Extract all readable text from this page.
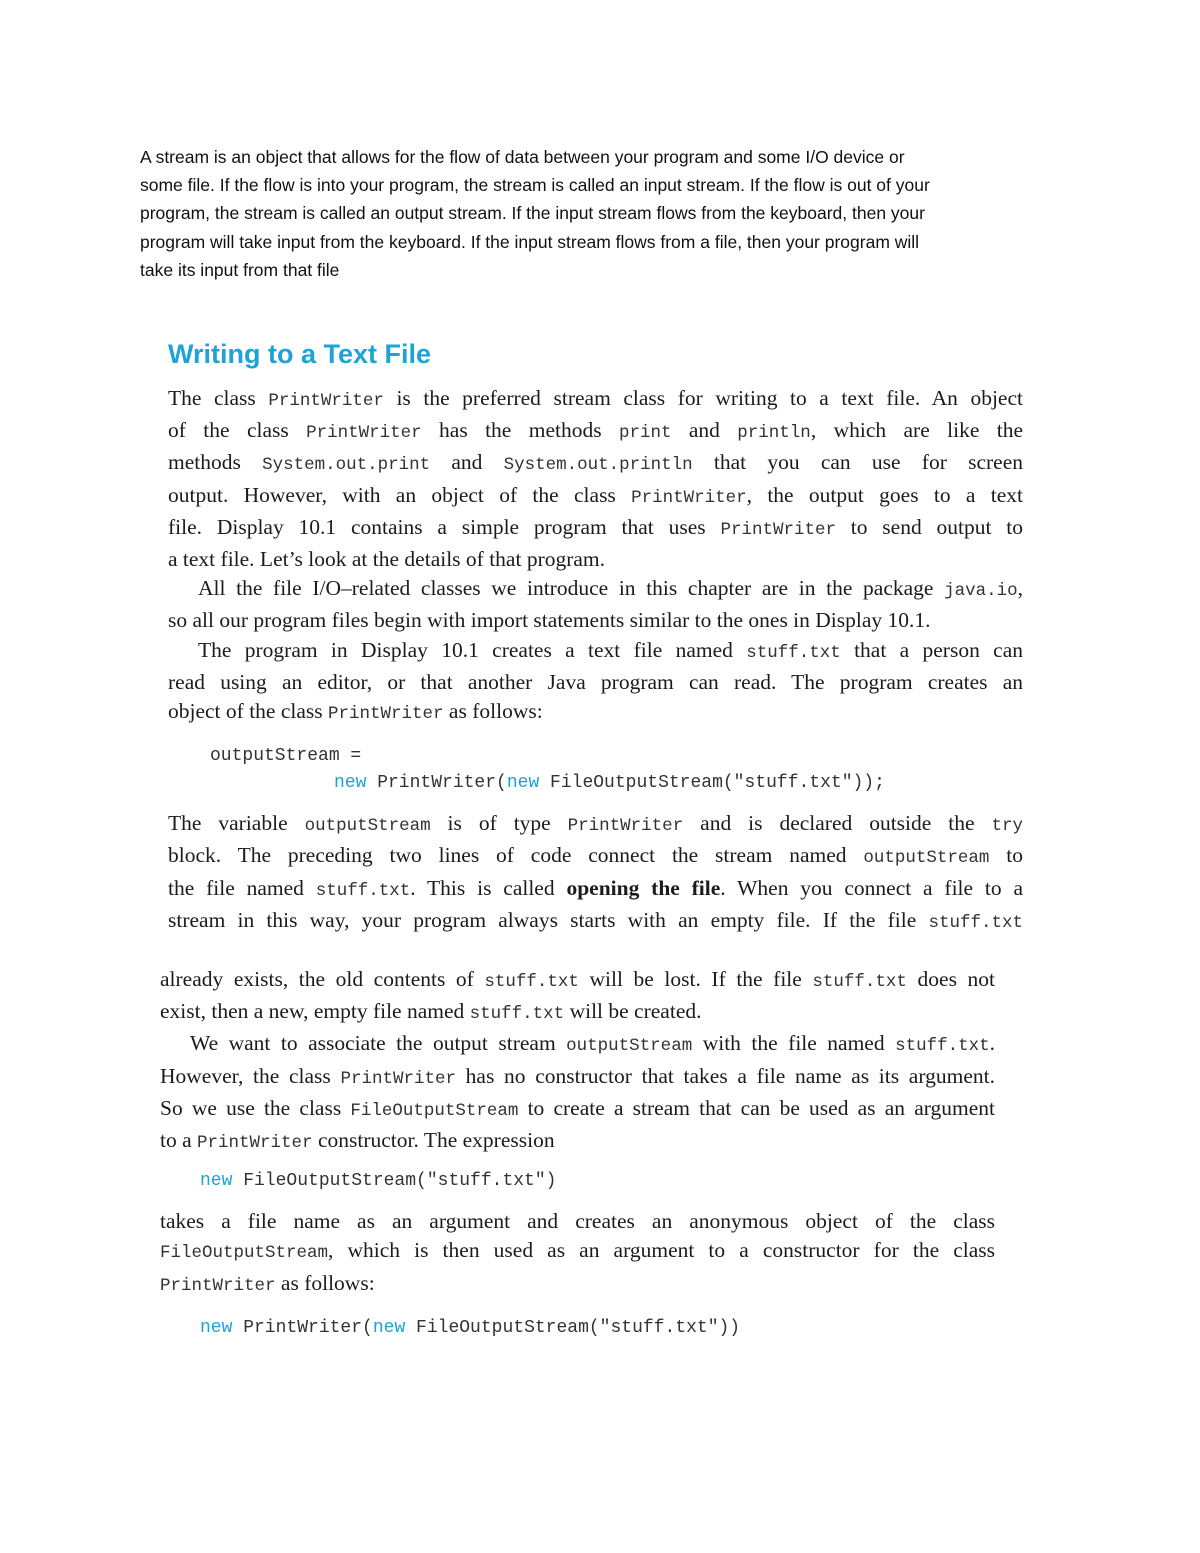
A stream is an object that allows for the flow of data between your program and some I/O device or
some file. If the flow is into your program, the stream is called an input stream. If the flow is out of your
program, the stream is called an output stream. If the input stream flows from the keyboard, then your
program will take input from the keyboard. If the input stream flows from a file, then your program will
take its input from that file
Writing to a Text File
The class PrintWriter is the preferred stream class for writing to a text file. An object
of the class PrintWriter has the methods print and println, which are like the
methods System.out.print and System.out.println that you can use for screen
output. However, with an object of the class PrintWriter, the output goes to a text
file. Display 10.1 contains a simple program that uses PrintWriter to send output to
a text file. Let’s look at the details of that program.
All the file I/O–related classes we introduce in this chapter are in the package java.io,
so all our program files begin with import statements similar to the ones in Display 10.1.
The program in Display 10.1 creates a text file named stuff.txt that a person can
read using an editor, or that another Java program can read. The program creates an
object of the class PrintWriter as follows:
outputStream =
new PrintWriter(new FileOutputStream("stuff.txt"));
The variable outputStream is of type PrintWriter and is declared outside the try
block. The preceding two lines of code connect the stream named outputStream to
the file named stuff.txt. This is called opening the file. When you connect a file to a
stream in this way, your program always starts with an empty file. If the file stuff.txt
already exists, the old contents of stuff.txt will be lost. If the file stuff.txt does not
exist, then a new, empty file named stuff.txt will be created.
We want to associate the output stream outputStream with the file named stuff.txt.
However, the class PrintWriter has no constructor that takes a file name as its argument.
So we use the class FileOutputStream to create a stream that can be used as an argument
to a PrintWriter constructor. The expression
new FileOutputStream("stuff.txt")
takes a file name as an argument and creates an anonymous object of the class
FileOutputStream, which is then used as an argument to a constructor for the class
PrintWriter as follows:
new PrintWriter(new FileOutputStream("stuff.txt"))
